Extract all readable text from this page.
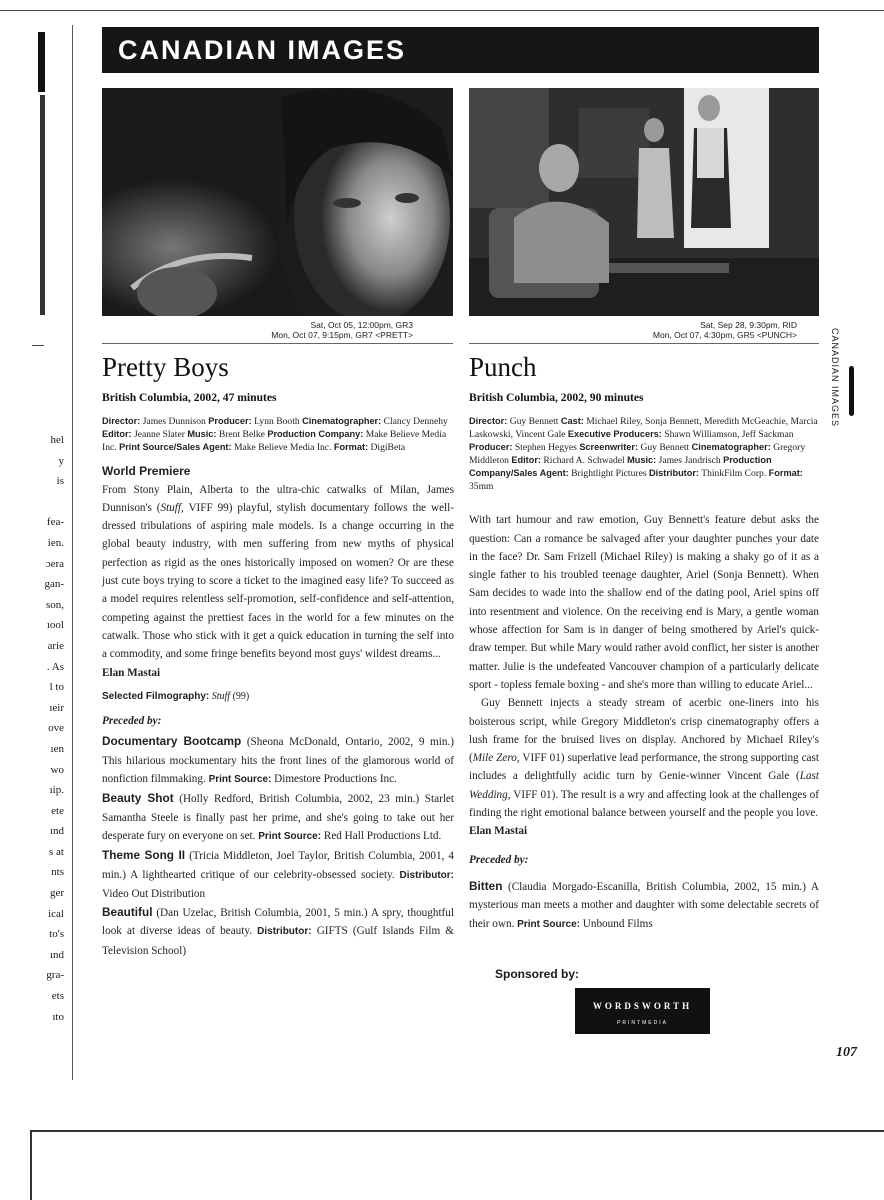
hel
y
is

fea-
ien.
ɔera
gan-
son,
ıool
arie
. As
l to
ıeir
ove
ıen
wo
ıip.
ete
ınd
s at
nts
ger
ical
to's
ınd
gra-
ets
ıto
CANADIAN IMAGES
Sat, Oct 05, 12:00pm, GR3
Mon, Oct 07, 9:15pm, GR7 <PRETT>
Sat, Sep 28, 9:30pm, RID
Mon, Oct 07, 4:30pm, GR5 <PUNCH>
Pretty Boys

British Columbia, 2002, 47 minutes

Director: James Dunnison Producer: Lynn Booth Cinematographer: Clancy Dennehy Editor: Jeanne Slater Music: Brent Belke Production Company: Make Believe Media Inc. Print Source/Sales Agent: Make Believe Media Inc. Format: DigiBeta

World Premiere

From Stony Plain, Alberta to the ultra-chic catwalks of Milan, James Dunnison's (Stuff, VIFF 99) playful, stylish documentary follows the well-dressed tribulations of aspiring male models. Is a change occurring in the global beauty industry, with men suffering from new myths of physical perfection as rigid as the ones historically imposed on women? Or are these just cute boys trying to score a ticket to the imagined easy life? To succeed as a model requires relentless self-promotion, self-confidence and self-attention, competing against the prettiest faces in the world for a few minutes on the catwalk. Those who stick with it get a quick education in turning the self into a commodity, and some fringe benefits beyond most guys' wildest dreams...

Elan Mastai

Selected Filmography: Stuff (99)

Preceded by:

Documentary Bootcamp (Sheona McDonald, Ontario, 2002, 9 min.) This hilarious mockumentary hits the front lines of the glamorous world of nonfiction filmmaking. Print Source: Dimestore Productions Inc.

Beauty Shot (Holly Redford, British Columbia, 2002, 23 min.) Starlet Samantha Steele is finally past her prime, and she's going to take out her desperate fury on everyone on set. Print Source: Red Hall Productions Ltd.

Theme Song II (Tricia Middleton, Joel Taylor, British Columbia, 2001, 4 min.) A lighthearted critique of our celebrity-obsessed society. Distributor: Video Out Distribution

Beautiful (Dan Uzelac, British Columbia, 2001, 5 min.) A spry, thoughtful look at diverse ideas of beauty. Distributor: GIFTS (Gulf Islands Film & Television School)

Punch

British Columbia, 2002, 90 minutes

Director: Guy Bennett Cast: Michael Riley, Sonja Bennett, Meredith McGeachie, Marcia Laskowski, Vincent Gale Executive Producers: Shawn Williamson, Jeff Sackman Producer: Stephen Hegyes Screenwriter: Guy Bennett Cinematographer: Gregory Middleton Editor: Richard A. Schwadel Music: James Jandrisch Production Company/Sales Agent: Brightlight Pictures Distributor: ThinkFilm Corp. Format: 35mm

With tart humour and raw emotion, Guy Bennett's feature debut asks the question: Can a romance be salvaged after your daughter punches your date in the face? Dr. Sam Frizell (Michael Riley) is making a shaky go of it as a single father to his troubled teenage daughter, Ariel (Sonja Bennett). When Sam decides to wade into the shallow end of the dating pool, Ariel spins off into resentment and violence. On the receiving end is Mary, a gentle woman whose affection for Sam is in danger of being smothered by Ariel's quick-draw temper. But while Mary would rather avoid conflict, her sister is another matter. Julie is the undefeated Vancouver champion of a particularly delicate sport - topless female boxing - and she's more than willing to educate Ariel...

Guy Bennett injects a steady stream of acerbic one-liners into his boisterous script, while Gregory Middleton's crisp cinematography offers a lush frame for the bruised lives on display. Anchored by Michael Riley's (Mile Zero, VIFF 01) superlative lead performance, the strong supporting cast includes a delightfully acidic turn by Genie-winner Vincent Gale (Last Wedding, VIFF 01). The result is a wry and affecting look at the challenges of finding the right emotional balance between yourself and the people you love.

Elan Mastai

Preceded by:

Bitten (Claudia Morgado-Escanilla, British Columbia, 2002, 15 min.) A mysterious man meets a mother and daughter with some delectable secrets of their own. Print Source: Unbound Films

Sponsored by:
WORDSWORTH
PRINTMEDIA
CANADIAN IMAGES
107
